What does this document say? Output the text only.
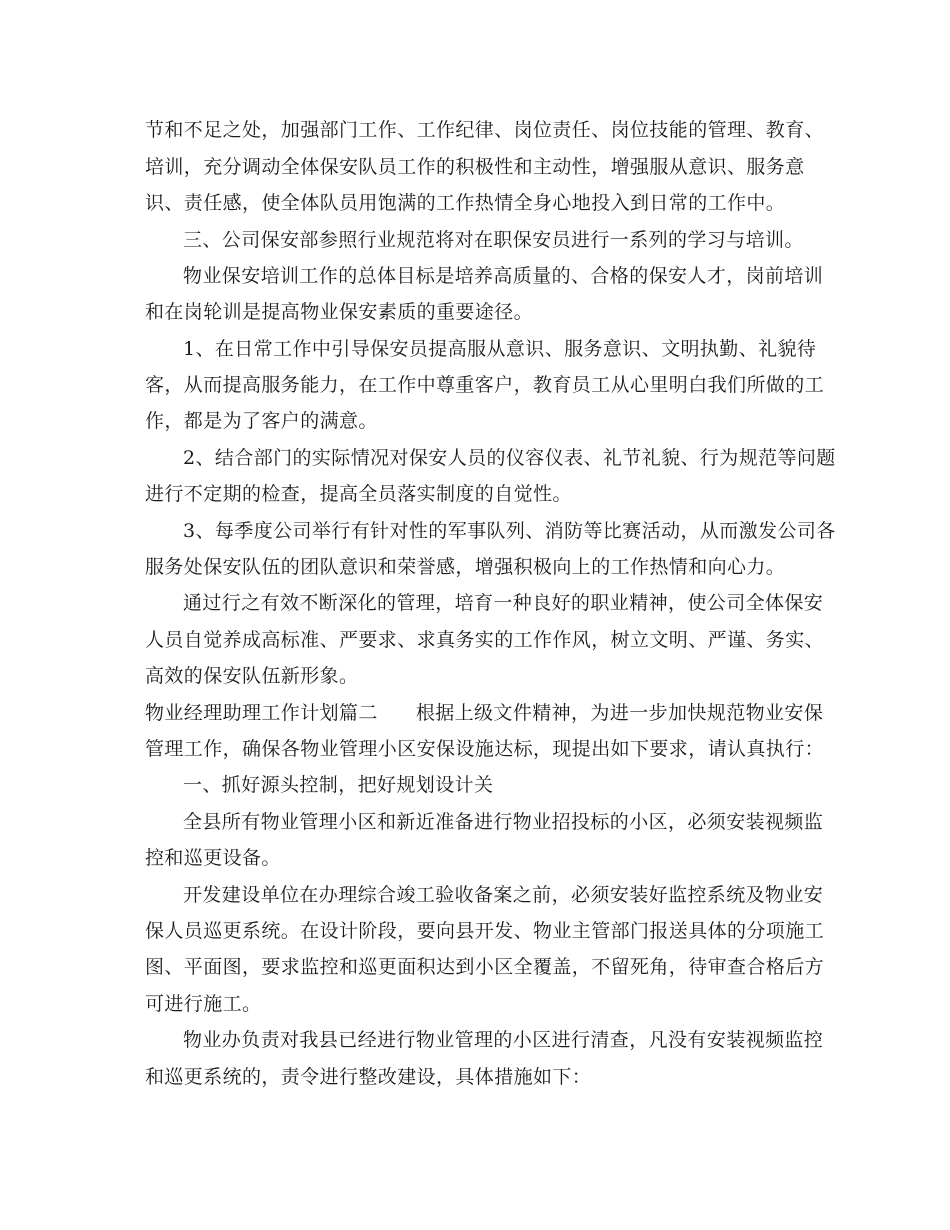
节和不足之处，加强部门工作、工作纪律、岗位责任、岗位技能的管理、教育、
培训，充分调动全体保安队员工作的积极性和主动性，增强服从意识、服务意
识、责任感，使全体队员用饱满的工作热情全身心地投入到日常的工作中。
三、公司保安部参照行业规范将对在职保安员进行一系列的学习与培训。
物业保安培训工作的总体目标是培养高质量的、合格的保安人才，岗前培训
和在岗轮训是提高物业保安素质的重要途径。
1、在日常工作中引导保安员提高服从意识、服务意识、文明执勤、礼貌待
客，从而提高服务能力，在工作中尊重客户，教育员工从心里明白我们所做的工
作，都是为了客户的满意。
2、结合部门的实际情况对保安人员的仪容仪表、礼节礼貌、行为规范等问题
进行不定期的检查，提高全员落实制度的自觉性。
3、每季度公司举行有针对性的军事队列、消防等比赛活动，从而激发公司各
服务处保安队伍的团队意识和荣誉感，增强积极向上的工作热情和向心力。
通过行之有效不断深化的管理，培育一种良好的职业精神，使公司全体保安
人员自觉养成高标准、严要求、求真务实的工作作风，树立文明、严谨、务实、
高效的保安队伍新形象。
物业经理助理工作计划篇二 根据上级文件精神，为进一步加快规范物业安保
管理工作，确保各物业管理小区安保设施达标，现提出如下要求，请认真执行：
一、抓好源头控制，把好规划设计关
全县所有物业管理小区和新近准备进行物业招投标的小区，必须安装视频监
控和巡更设备。
开发建设单位在办理综合竣工验收备案之前，必须安装好监控系统及物业安
保人员巡更系统。在设计阶段，要向县开发、物业主管部门报送具体的分项施工
图、平面图，要求监控和巡更面积达到小区全覆盖，不留死角，待审查合格后方
可进行施工。
物业办负责对我县已经进行物业管理的小区进行清查，凡没有安装视频监控
和巡更系统的，责令进行整改建设，具体措施如下：
